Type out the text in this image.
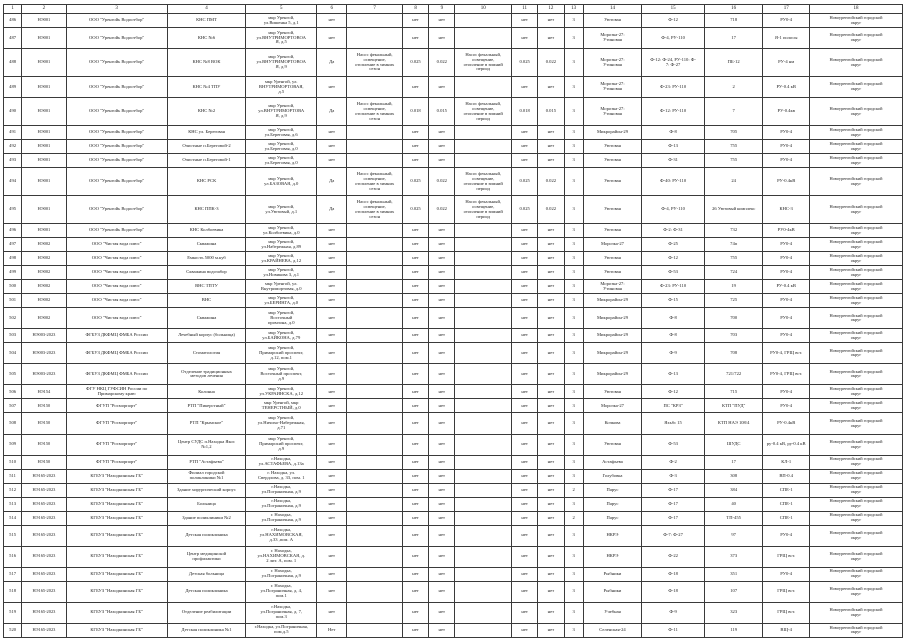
1	2	3	4	5	6	7	8	9	10	11	12	13	14	15	16	17	18
486	НЭ001	ООО "Уренгойь Водоотбор"	КНС ПМТ	мкр Уренгой,
ул.Вишенка 5, д.1	нет		нет	нет		нет	нет	3	Уютовая	Ф-12	718	РУ0-4	Новоуренгойский городской
округ
487	НЭ001	ООО "Уренгойь Водоотбор"	КНС №6	мкр Уренгой,
ул.ВНУТРИМОРТОВОА
Я, д.5	нет		нет	нет		нет	нет	3	Морозка-27:
Утиновая	Ф-4, РУ-110	17	Я-1 полосы	Новоуренгойский городской
округ
488	НЭ001	ООО "Уренгойь Водоотбор"	КНС №8 ВОК	мкр Уренгой,
ул.ВНУТРИМОРТОВОА
Я, д.9	Да	Насос фекальный,
освещение,
отопление в зимних
сезон	0.025	0.022	Насос фекальный,
освещение,
отопление в зимний
период	0.025	0.022	3	Морозка-27:
Утиновая	Ф-12: Ф-24, РУ-110: Ф-
7: Ф-27	ПБ-12	РУ-4 нм	Новоуренгойский городской
округ
489	НЭ001	ООО "Уренгойь Водоотбор"	КНС №4 ТПУ	мкр Уренгой, ул.
ВНУТРИМОРТОВАЯ,
д.5	нет		нет	нет		нет	нет	3	Морозка-27:
Утиновая	Ф-23: РУ-110	2	РУ-0.4 кВ	Новоуренгойский городской
округ
490	НЭ001	ООО "Уренгойь Водоотбор"	КНС №2	мкр Уренгой,
ул.ВНУТРИМОРТОВА
Я, д.9	Да	Насос фекальный,
освещение,
отопление в зимних
сезон	0.018	0.015	Насос фекальный,
освещение,
отопление в зимний
период	0.018	0.015	3	Морозка-27:
Утиновая	Ф-12: РУ-110	7	РУ-0.4кв	Новоуренгойский городской
округ
491	НЭ001	ООО "Уренгойь Водоотбор"	КНС ул. Береговая	мкр Уренгой,
ул.Береговая, д.6	нет		нет	нет		нет	нет	3	Микрорайон-29	Ф-8	705	РУ0-4	Новоуренгойский городской
округ
492	НЭ001	ООО "Уренгойь Водоотбор"	Очистные п.Береговой-2	мкр Уренгой,
ул.Береговая, д.0	нет		нет	нет		нет	нет	3	Уютовая	Ф-13	755	РУ0-4	Новоуренгойский городской
округ
493	НЭ001	ООО "Уренгойь Водоотбор"	Очистные п.Береговой-1	мкр Уренгой,
ул.Береговая, д.0	нет		нет	нет		нет	нет	3	Уютовая	Ф-31	755	РУ0-4	Новоуренгойский городской
округ
494	НЭ001	ООО "Уренгойь Водоотбор"	КНС РСК	мкр Уренгой,
ул.БАЗОВАЯ, д.0	Да	Насос фекальный,
освещение,
отопление в зимних
сезон	0.025	0.022	Насос фекальный,
освещение,
отопление в зимний
период	0.025	0.022	3	Уютовая	Ф-40: РУ-110	24	РУ-0.4кВ	Новоуренгойский городской
округ
495	НЭ001	ООО "Уренгойь Водоотбор"	КНС ППК-3	мкр Уренгой,
ул.Уютовый, д.1	Да	Насос фекальный,
освещение,
отопление в зимних
сезон	0.025	0.022	Насос фекальный,
освещение,
отопление в зимний
период	0.025	0.022	3	Уютовая	Ф-4, РУ-110	26 Уютовый комплекс	КНС-3	Новоуренгойский городской
округ
496	НЭ001	ООО "Уренгойь Водоотбор"	КНС Колбоевика	мкр Уренгой,
ул.Колбоевика, д.0	нет		нет	нет		нет	нет	3	Уютовая	Ф-2: Ф-31	732	РУ0-4кВ	Новоуренгойский городской
округ
497	НЭ002	ООО "Чистая вода плюс"	Скважина	мкр Уренгой,
ул.Набережная, д.89	нет		нет	нет		нет	нет	3	Морозка-27	Ф-25	74п	РУ0-4	Новоуренгойский городской
округ
498	НЭ002	ООО "Чистая вода плюс"	Емкость 5000 м.куб	мкр Уренгой,
ул.КРАЙНЕВА, д.12	нет		нет	нет		нет	нет	3	Уютовая	Ф-12	755	РУ0-4	Новоуренгойский городской
округ
499	НЭ002	ООО "Чистая вода плюс"	Скважина водозабор	мкр Уренгой,
ул.Новикова 3, д.1	нет		нет	нет		нет	нет	3	Уютовая	Ф-53	724	РУ0-4	Новоуренгойский городской
округ
500	НЭ002	ООО "Чистая вода плюс"	ВНС ТПТУ	мкр Уренгой, ул.
Внутримортовая, д.0	нет		нет	нет		нет	нет	3	Морозка-27:
Утиновая	Ф-23: РУ-110	19	РУ-0.4 кВ	Новоуренгойский городской
округ
501	НЭ002	ООО "Чистая вода плюс"	ВНС	мкр Уренгой,
ул.БЕРИНГА, д.0	нет		нет	нет		нет	нет	3	Микрорайон-29	Ф-15	725	РУ0-4	Новоуренгойский городской
округ
502	НЭ002	ООО "Чистая вода плюс"	Скважина	мкр Уренгой,
Восточный
промзона, д.0	нет		нет	нет		нет	нет	3	Микрорайон-29	Ф-8	700	РУ0-4	Новоуренгойский городской
округ
503	НЭ003-2023	ФГБУЗ ДКФМЦ ФМБА России	Лечебный корпус (больница)	мкр Уренгой,
ул.БАЙКОНА, д.79	нет		нет	нет		нет	нет	3	Микрорайон-29	Ф-8	703	РУ0-4	Новоуренгойский городской
округ
504	НЭ003-2023	ФГБУЗ ДКФМЦ ФМБА России	Стоматология	мкр Уренгой,
Примарский проспект,
д.12, пом.1	нет		нет	нет		нет	нет	3	Микрорайон-29	Ф-9	708	РУ0-4, ГРЩ вст.	Новоуренгойский городской
округ
505	НЭ003-2023	ФГБУЗ ДКФМЦ ФМБА России	Отделение традиционных
методов лечения	мкр Уренгой,
Восточный проспект,
д.9	нет		нет	нет		нет	нет	3	Микрорайон-29	Ф-13	721/722	РУ0-4, ГРЩ вст.	Новоуренгойский городской
округ
506	НЭ154	ФГУ НКЦ ГУФСИН России по
Примарскому краю	Колонна	мкр Уренгой,
ул.УКРАИНСКА, д.12	нет		нет	нет		нет	нет	3	Уютовая	Ф-12	715	РУ0-4	Новоуренгойский городской
округ
507	НЭ150	ФГУП "Росморпорт"	РТП "Пикерстный"	мкр Уренгой, мкр
ТЕНЕРСТНЫЙ, д.0	нет		нет	нет		нет	нет	3	Морозка-27	ПС "КРЗ"	КТП "ПУД"	РУ0-4	Новоуренгойский городской
округ
508	НЭ150	ФГУП "Росморпорт"	РТП "Крымское"	мкр Уренгой,
ул.Ничихо-Набережная,
д.71	нет		нет	нет		нет	нет	3	Кочкова	Яхьбс 15	КТП НАЭ 108/4	РУ-0.4кВ	Новоуренгойский городской
округ
509	НЭ150	ФГУП "Росморпорт"	Центр СУДС п.Находка Якос
№1,2	мкр Уренгой,
Примарский проспект,
д.9	нет		нет	нет		нет	нет	3	Уютовая	Ф-53	ШУДС	ру-0.4 кВ, ру-0.4 кВ	Новоуренгойский городской
округ
510	НЭ150	ФГУП "Росморпорт"	РТП "Астафьева"	г.Находка,
ул.АСТАФЬЕВА, д.13а	нет		нет	нет		нет	нет	3	Астафьева	Ф-2	17	КЛ-1	Новоуренгойский городской
округ
511	НЭ165-2023	КГБУЗ "Находкинская ГБ"	Филиал городской
поликлиники №1	г. Находка, ул.
Свердлова, д. 33, пом. 1	нет		нет	нет		нет	нет	3	Голубовка	Ф-3	308	ВП-0.4	Новоуренгойский городской
округ
512	НЭ165-2023	КГБУЗ "Находкинская ГБ"	Здание хирургический корпус	г.Находка,
ул.Пограничная, д.9	нет		нет	нет		нет	нет	2	Парус	Ф-17	384	СПЕ-1	Новоуренгойский городской
округ
513	НЭ165-2023	КГБУЗ "Находкинская ГБ"	Больница	г.Находка,
ул.Пограничная, д.9	нет		нет	нет		нет	нет	3	Парус	Ф-17	40	СПЕ-1	Новоуренгойский городской
округ
514	НЭ165-2023	КГБУЗ "Находкинская ГБ"	Здание поликлиники №2	г. Находка,
ул.Пограничная, д.9	нет		нет	нет		нет	нет	2	Парус	Ф-17	ТП-455	СПЕ-1	Новоуренгойский городской
округ
515	НЭ165-2023	КГБУЗ "Находкинская ГБ"	Детская поликлиника	г.Находка,
ул.НАХИМОВСКАЯ,
д.33 ,пом. А	нет		нет	нет		нет	нет	3	НКРЭ	Ф-7: Ф-27	97	РУ0-4	Новоуренгойский городской
округ
516	НЭ165-2023	КГБУЗ "Находкинская ГБ"	Центр медицинской
профилактики	г. Находка,
ул.НАХИМОВСКАЯ, д.
2 лит. А, пом. 1	нет		нет	нет		нет	нет	3	НКРЭ	Ф-22	373	ГРЩ вст.	Новоуренгойский городской
округ
517	НЭ165-2023	КГБУЗ "Находкинская ГБ"	Детская больница	г. Находка,
ул.Пограничная, д.9	нет		нет	нет		нет	нет	3	Рыбники	Ф-18	351	РУ0-4	Новоуренгойский городской
округ
518	НЭ165-2023	КГБУЗ "Находкинская ГБ"	Детская поликлиника	г. Находка,
ул.Пограничная, д. 4,
пом.1	нет		нет	нет		нет	нет	3	Рыбники	Ф-18	107	ГРЩ вст.	Новоуренгойский городской
округ
519	НЭ165-2023	КГБУЗ "Находкинская ГБ"	Отделение реабилитации	г.Находка,
ул.Пограничная, д. 7,
пом.3	нет		нет	нет		нет	нет	3	Учебная	Ф-9	323	ГРЩ вст.	Новоуренгойский городской
округ
520	НЭ165-2023	КГБУЗ "Находкинская ГБ"	Детская поликлиника №1	г.Находка, ул.Пограничная,
пом.д.5	Нет		нет	нет		нет	нет	3	Селенская-24	Ф-11	119	ВЩ-4	Новоуренгойский городской
округ
